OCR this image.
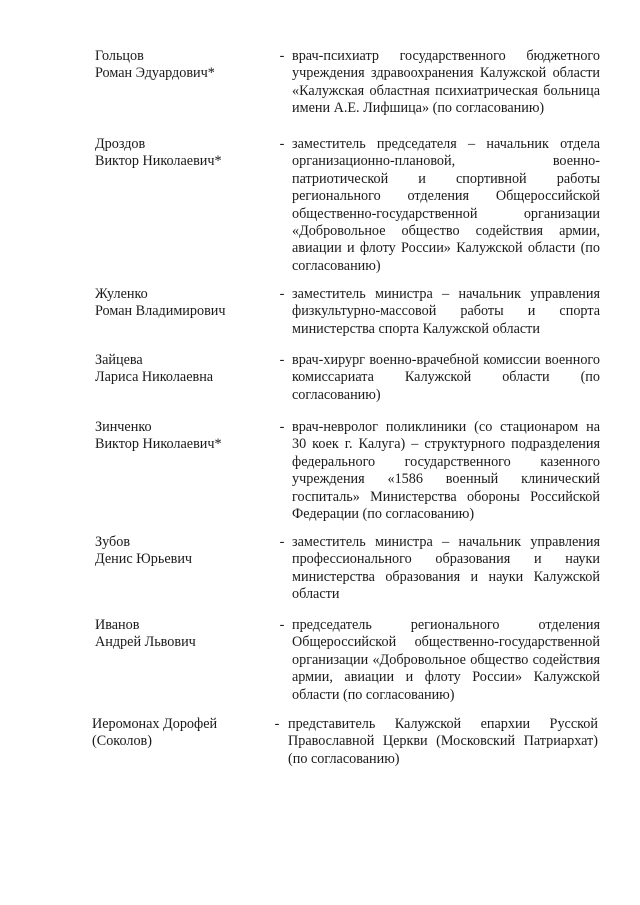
Гольцов
Роман Эдуардович*
- врач-психиатр государственного бюджетного учреждения здравоохранения Калужской области «Калужская областная психиатрическая больница имени А.Е. Лифшица» (по согласованию)
Дроздов
Виктор Николаевич*
- заместитель председателя – начальник отдела организационно-плановой, военно-патриотической и спортивной работы регионального отделения Общероссийской общественно-государственной организации «Добровольное общество содействия армии, авиации и флоту России» Калужской области (по согласованию)
Жуленко
Роман Владимирович
- заместитель министра – начальник управления физкультурно-массовой работы и спорта министерства спорта Калужской области
Зайцева
Лариса Николаевна
- врач-хирург военно-врачебной комиссии военного комиссариата Калужской области (по согласованию)
Зинченко
Виктор Николаевич*
- врач-невролог поликлиники (со стационаром на 30 коек г. Калуга) – структурного подразделения федерального государственного казенного учреждения «1586 военный клинический госпиталь» Министерства обороны Российской Федерации (по согласованию)
Зубов
Денис Юрьевич
- заместитель министра – начальник управления профессионального образования и науки министерства образования и науки Калужской области
Иванов
Андрей Львович
- председатель регионального отделения Общероссийской общественно-государственной организации «Добровольное общество содействия армии, авиации и флоту России» Калужской области (по согласованию)
Иеромонах Дорофей
(Соколов)
- представитель Калужской епархии Русской Православной Церкви (Московский Патриархат) (по согласованию)
